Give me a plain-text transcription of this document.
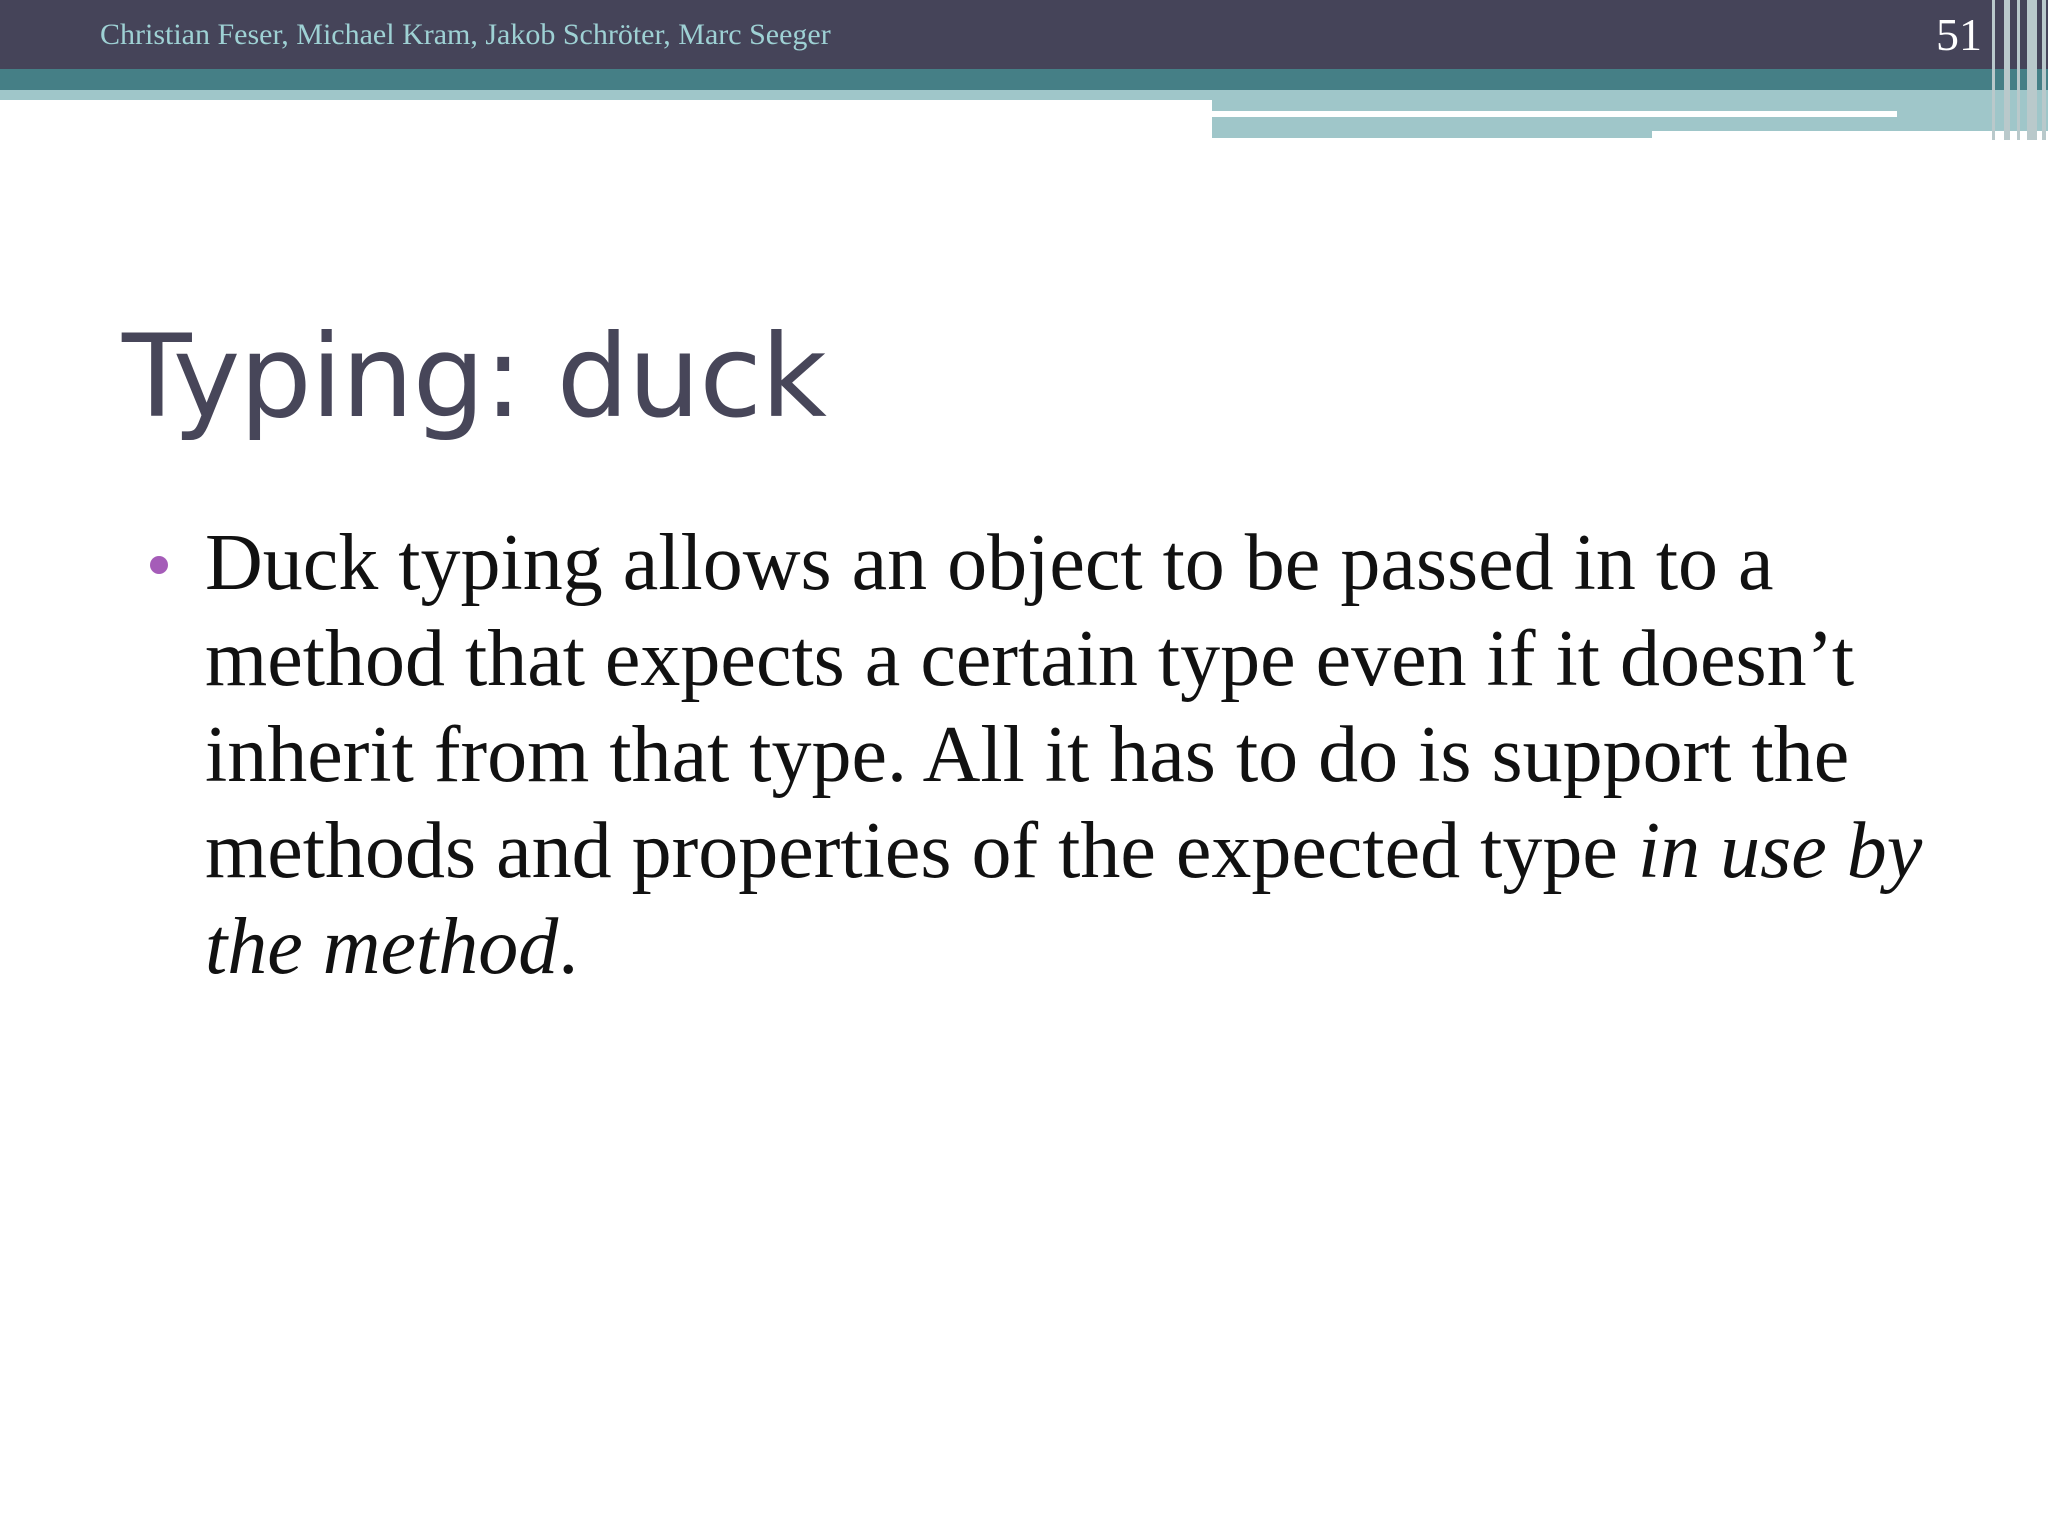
Christian Feser, Michael Kram, Jakob Schröter, Marc Seeger	51
Typing: duck
Duck typing allows an object to be passed in to a method that expects a certain type even if it doesn’t inherit from that type. All it has to do is support the methods and properties of the expected type in use by the method.
